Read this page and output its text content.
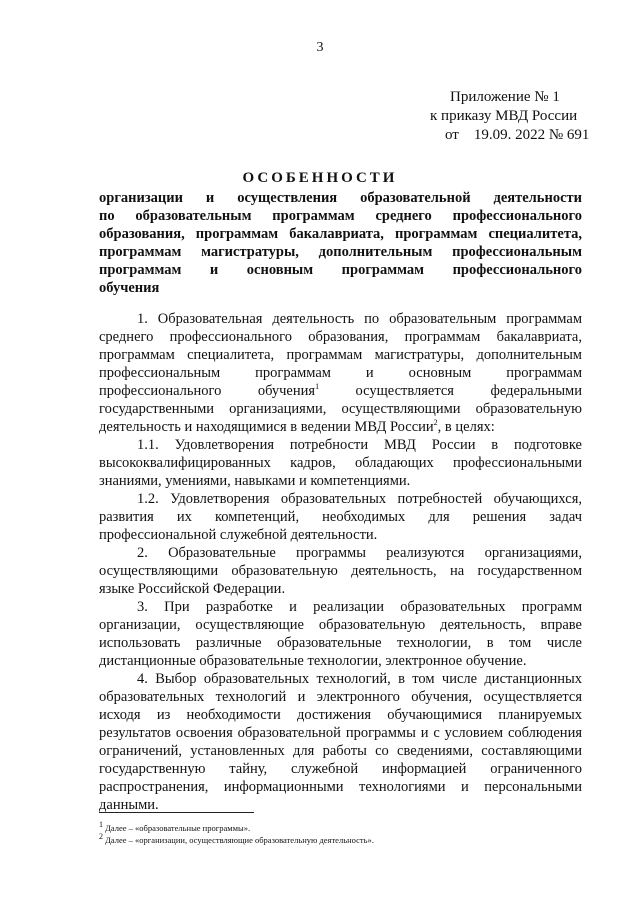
3
Приложение № 1
к приказу МВД России
от    19.09. 2022 № 691
ОСОБЕННОСТИ
организации и осуществления образовательной деятельности
по образовательным программам среднего профессионального
образования, программам бакалавриата, программам специалитета,
программам магистратуры, дополнительным профессиональным
программам и основным программам профессионального
обучения

1. Образовательная деятельность по образовательным программам среднего профессионального образования, программам бакалавриата, программам специалитета, программам магистратуры, дополнительным профессиональным программам и основным программам профессионального обучения$^1$ осуществляется федеральными государственными организациями, осуществляющими образовательную деятельность и находящимися в ведении МВД России$^2$, в целях:

1.1. Удовлетворения потребности МВД России в подготовке высококвалифицированных кадров, обладающих профессиональными знаниями, умениями, навыками и компетенциями.

1.2. Удовлетворения образовательных потребностей обучающихся, развития их компетенций, необходимых для решения задач профессиональной служебной деятельности.

2. Образовательные программы реализуются организациями, осуществляющими образовательную деятельность, на государственном языке Российской Федерации.

3. При разработке и реализации образовательных программ организации, осуществляющие образовательную деятельность, вправе использовать различные образовательные технологии, в том числе дистанционные образовательные технологии, электронное обучение.

4. Выбор образовательных технологий, в том числе дистанционных образовательных технологий и электронного обучения, осуществляется исходя из необходимости достижения обучающимися планируемых результатов освоения образовательной программы и с условием соблюдения ограничений, установленных для работы со сведениями, составляющими государственную тайну, служебной информацией ограниченного распространения, информационными технологиями и персональными данными.

$^1$ Далее – «образовательные программы».
$^2$ Далее – «организации, осуществляющие образовательную деятельность».
